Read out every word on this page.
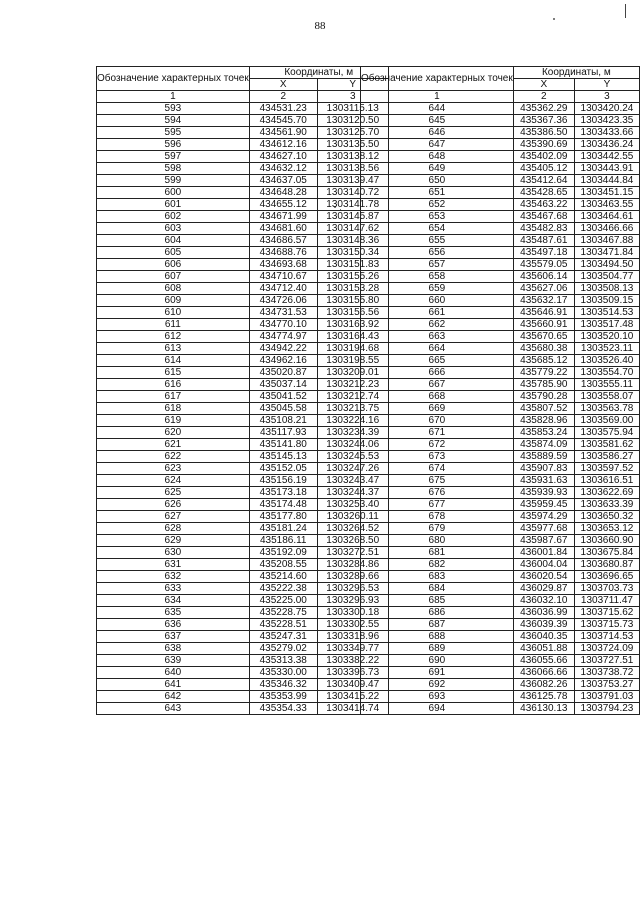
88
Обозначение характерных точек	Координаты, м	
	X	Y
1	2	3
593	434531.23	1303115.13
594	434545.70	1303120.50
595	434561.90	1303125.70
596	434612.16	1303135.50
597	434627.10	1303138.12
598	434632.12	1303138.56
599	434637.05	1303139.47
600	434648.28	1303140.72
601	434655.12	1303141.78
602	434671.99	1303145.87
603	434681.60	1303147.62
604	434686.57	1303148.36
605	434688.76	1303150.34
606	434693.68	1303151.83
607	434710.67	1303155.26
608	434712.40	1303153.28
609	434726.06	1303155.80
610	434731.53	1303156.56
611	434770.10	1303163.92
612	434774.97	1303164.43
613	434942.22	1303194.68
614	434962.16	1303198.55
615	435020.87	1303209.01
616	435037.14	1303212.23
617	435041.52	1303212.74
618	435045.58	1303213.75
619	435108.21	1303224.16
620	435117.93	1303234.39
621	435141.80	1303244.06
622	435145.13	1303245.53
623	435152.05	1303247.26
624	435156.19	1303243.47
625	435173.18	1303244.37
626	435174.48	1303253.40
627	435177.80	1303260.11
628	435181.24	1303264.52
629	435186.11	1303268.50
630	435192.09	1303272.51
631	435208.55	1303284.86
632	435214.60	1303289.66
633	435222.38	1303296.53
634	435225.00	1303296.93
635	435228.75	1303300.18
636	435228.51	1303302.55
637	435247.31	1303318.96
638	435279.02	1303349.77
639	435313.38	1303382.22
640	435330.00	1303396.73
641	435346.32	1303409.47
642	435353.99	1303415.22
643	435354.33	1303414.74
Обозначение характерных точек	Координаты, м	
	X	Y
1	2	3
644	435362.29	1303420.24
645	435367.36	1303423.35
646	435386.50	1303433.66
647	435390.69	1303436.24
648	435402.09	1303442.55
649	435405.12	1303443.91
650	435412.64	1303444.84
651	435428.65	1303451.15
652	435463.22	1303463.55
653	435467.68	1303464.61
654	435482.83	1303466.66
655	435487.61	1303467.88
656	435497.18	1303471.84
657	435579.05	1303494.50
658	435606.14	1303504.77
659	435627.06	1303508.13
660	435632.17	1303509.15
661	435646.91	1303514.53
662	435660.91	1303517.48
663	435670.65	1303520.10
664	435680.38	1303523.11
665	435685.12	1303526.40
666	435779.22	1303554.70
667	435785.90	1303555.11
668	435790.28	1303558.07
669	435807.52	1303563.78
670	435828.96	1303569.00
671	435853.24	1303575.94
672	435874.09	1303581.62
673	435889.59	1303586.27
674	435907.83	1303597.52
675	435931.63	1303616.51
676	435939.93	1303622.69
677	435959.45	1303633.39
678	435974.29	1303650.32
679	435977.68	1303653.12
680	435987.67	1303660.90
681	436001.84	1303675.84
682	436004.04	1303680.87
683	436020.54	1303696.65
684	436029.87	1303703.73
685	436032.10	1303711.47
686	436036.99	1303715.62
687	436039.39	1303715.73
688	436040.35	1303714.53
689	436051.88	1303724.09
690	436055.66	1303727.51
691	436066.66	1303738.72
692	436082.26	1303753.27
693	436125.78	1303791.03
694	436130.13	1303794.23
